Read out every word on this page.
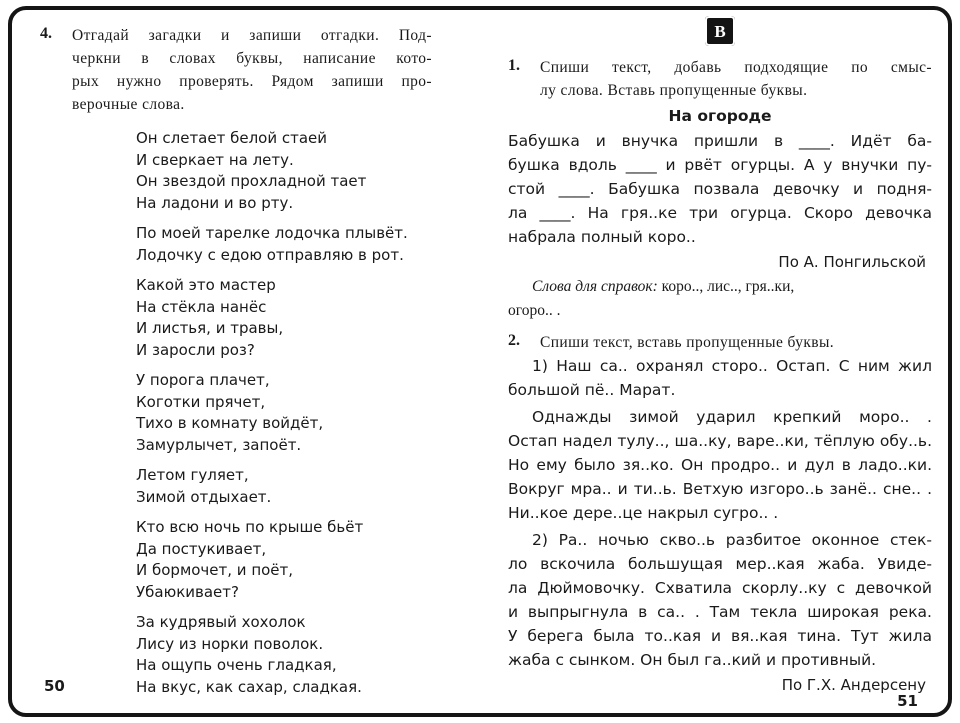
4.	Отгадай загадки и запиши отгадки. Под-
черкни в словах буквы, написание кото-
рых нужно проверять. Рядом запиши про-
верочные слова.
Он слетает белой стаей
И сверкает на лету.
Он звездой прохладной тает
На ладони и во рту.
По моей тарелке лодочка плывёт.
Лодочку с едою отправляю в рот.
Какой это мастер
На стёкла нанёс
И листья, и травы,
И заросли роз?
У порога плачет,
Коготки прячет,
Тихо в комнату войдёт,
Замурлычет, запоёт.
Летом гуляет,
Зимой отдыхает.
Кто всю ночь по крыше бьёт
Да постукивает,
И бормочет, и поёт,
Убаюкивает?
За кудрявый хохолок
Лису из норки поволок.
На ощупь очень гладкая,
На вкус, как сахар, сладкая.
В
1.	Спиши текст, добавь подходящие по смыс-
лу слова. Вставь пропущенные буквы.
На огороде
Бабушка и внучка пришли в ____. Идёт ба-
бушка вдоль ____ и рвёт огурцы. А у внучки пу-
стой ____. Бабушка позвала девочку и подня-
ла ____. На гря..ке три огурца. Скоро девочка
набрала полный коро..
По А. Понгильской
Слова для справок: коро.., лис.., гря..ки,
огоро.. .
2.	Спиши текст, вставь пропущенные буквы.
1) Наш са.. охранял сторо.. Остап. С ним жил
большой пё.. Марат.
Однажды зимой ударил крепкий моро.. .
Остап надел тулу.., ша..ку, варе..ки, тёплую обу..ь.
Но ему было зя..ко. Он продро.. и дул в ладо..ки.
Вокруг мра.. и ти..ь. Ветхую изгоро..ь занё.. сне.. .
Ни..кое дере..це накрыл сугро.. .
2) Ра.. ночью скво..ь разбитое оконное стек-
ло вскочила большущая мер..кая жаба. Увиде-
ла Дюймовочку. Схватила скорлу..ку с девочкой
и выпрыгнула в са.. . Там текла широкая река.
У берега была то..кая и вя..кая тина. Тут жила
жаба с сынком. Он был га..кий и противный.
По Г.Х. Андерсену
50
51
